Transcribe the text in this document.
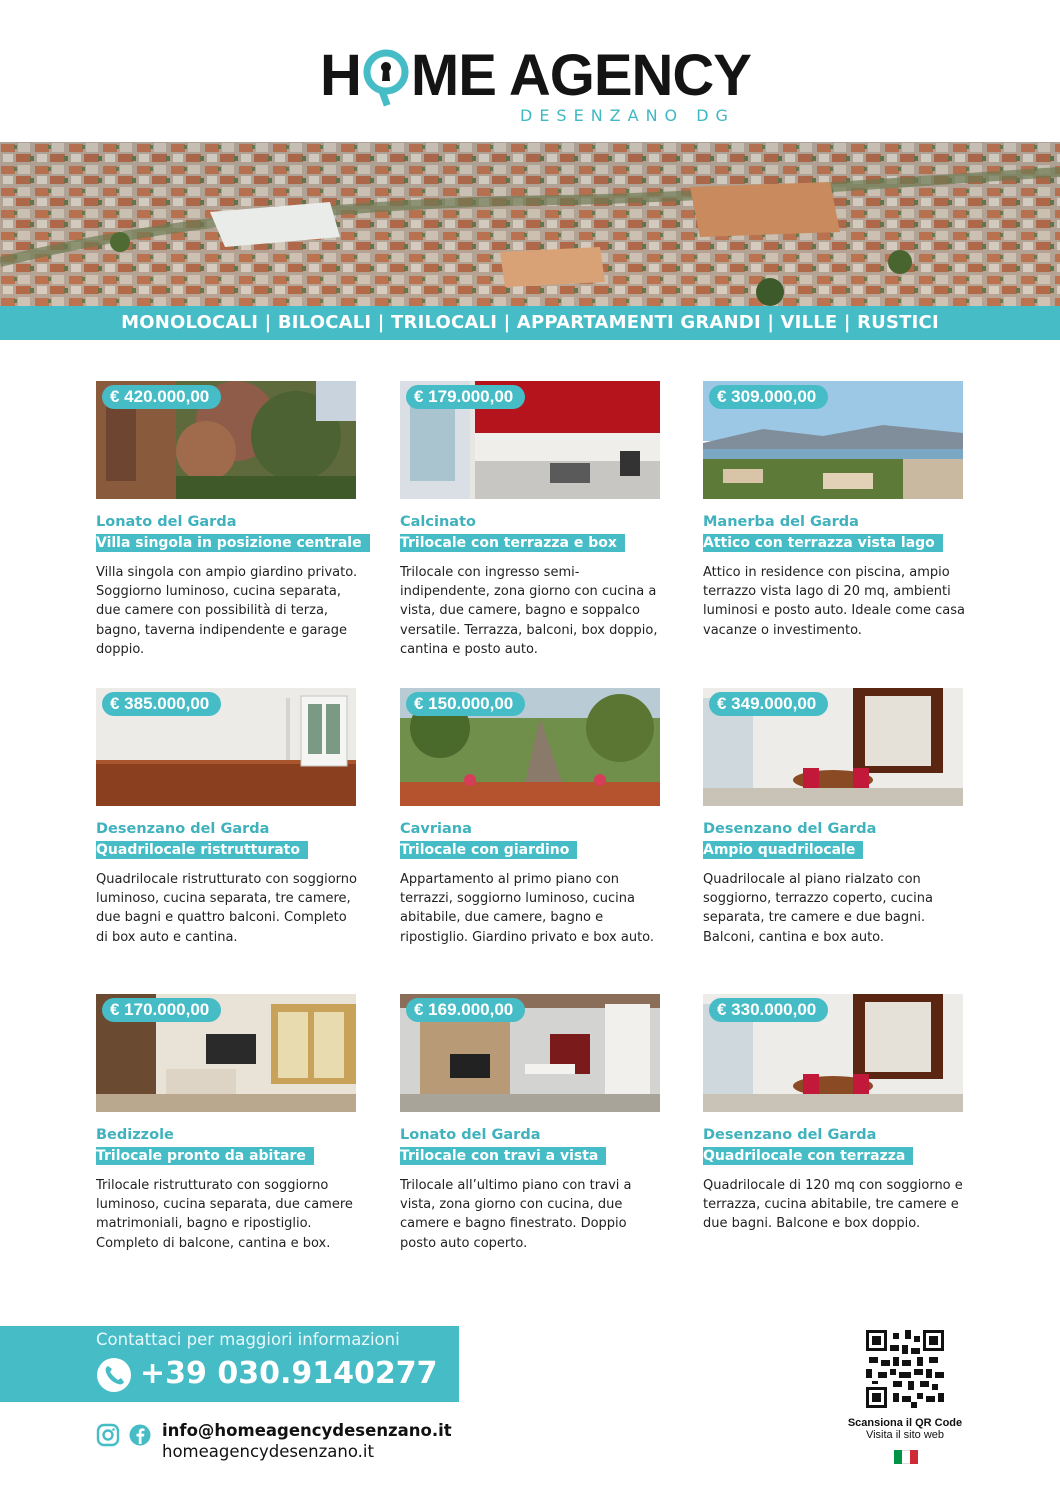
H ME AGENCY
DESENZANO DG
MONOLOCALI | BILOCALI | TRILOCALI | APPARTAMENTI GRANDI | VILLE | RUSTICI
€ 420.000,00
Lonato del Garda
Villa singola in posizione centrale
Villa singola con ampio giardino privato. Soggiorno luminoso, cucina separata, due camere con possibilità di terza, bagno, taverna indipendente e garage doppio.
€ 179.000,00
Calcinato
Trilocale con terrazza e box
Trilocale con ingresso semi-indipendente, zona giorno con cucina a vista, due camere, bagno e soppalco versatile. Terrazza, balconi, box doppio, cantina e posto auto.
€ 309.000,00
Manerba del Garda
Attico con terrazza vista lago
Attico in residence con piscina, ampio terrazzo vista lago di 20 mq, ambienti luminosi e posto auto. Ideale come casa vacanze o investimento.
€ 385.000,00
Desenzano del Garda
Quadrilocale ristrutturato
Quadrilocale ristrutturato con soggiorno luminoso, cucina separata, tre camere, due bagni e quattro balconi. Completo di box auto e cantina.
€ 150.000,00
Cavriana
Trilocale con giardino
Appartamento al primo piano con terrazzi, soggiorno luminoso, cucina abitabile, due camere, bagno e ripostiglio. Giardino privato e box auto.
€ 349.000,00
Desenzano del Garda
Ampio quadrilocale
Quadrilocale al piano rialzato con soggiorno, terrazzo coperto, cucina separata, tre camere e due bagni. Balconi, cantina e box auto.
€ 170.000,00
Bedizzole
Trilocale pronto da abitare
Trilocale ristrutturato con soggiorno luminoso, cucina separata, due camere matrimoniali, bagno e ripostiglio. Completo di balcone, cantina e box.
€ 169.000,00
Lonato del Garda
Trilocale con travi a vista
Trilocale all’ultimo piano con travi a vista, zona giorno con cucina, due camere e bagno finestrato. Doppio posto auto coperto.
€ 330.000,00
Desenzano del Garda
Quadrilocale con terrazza
Quadrilocale di 120 mq con soggiorno e terrazza, cucina abitabile, tre camere e due bagni. Balcone e box doppio.
Contattaci per maggiori informazioni
+39 030.9140277
info@homeagencydesenzano.it
homeagencydesenzano.it
Scansiona il QR Code
Visita il sito web
